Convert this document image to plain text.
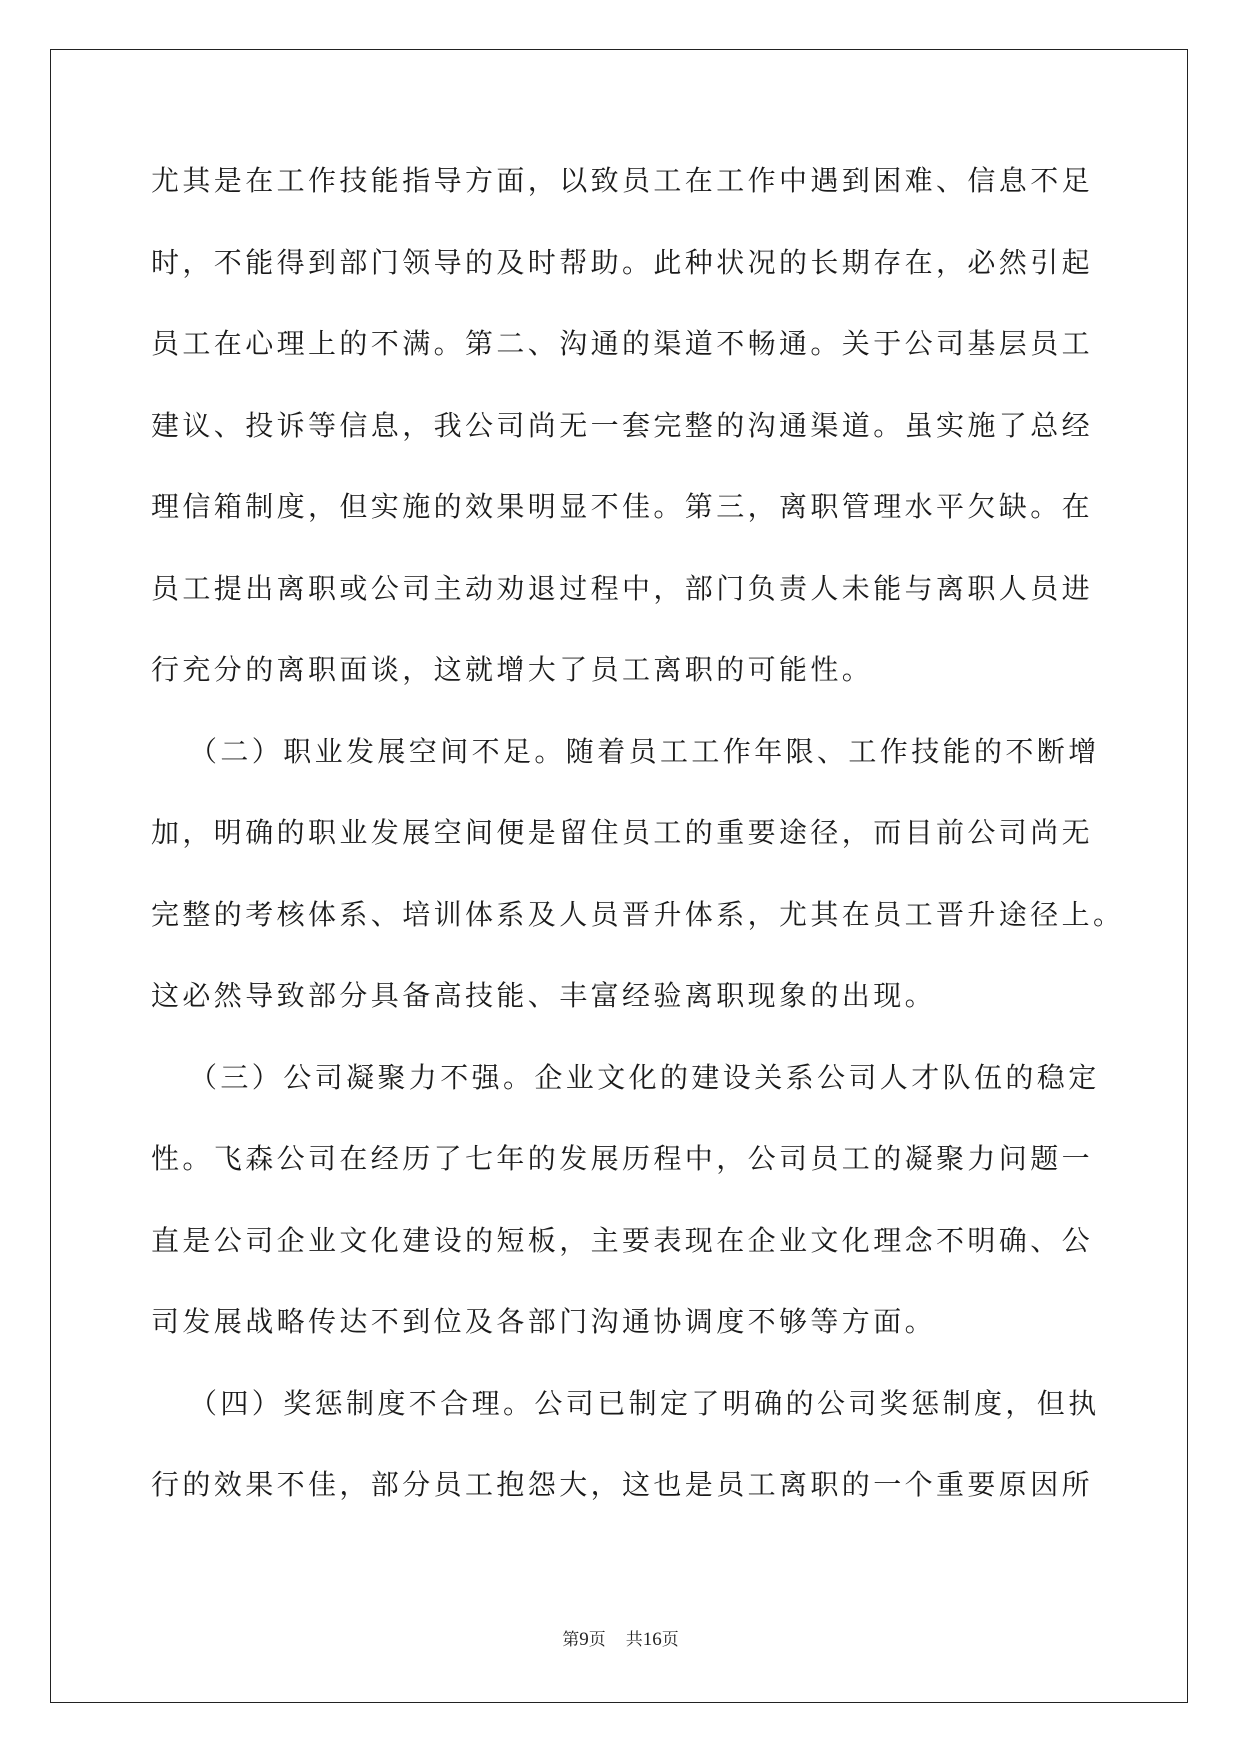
尤其是在工作技能指导方面，以致员工在工作中遇到困难、信息不足
时，不能得到部门领导的及时帮助。此种状况的长期存在，必然引起
员工在心理上的不满。第二、沟通的渠道不畅通。关于公司基层员工
建议、投诉等信息，我公司尚无一套完整的沟通渠道。虽实施了总经
理信箱制度，但实施的效果明显不佳。第三，离职管理水平欠缺。在
员工提出离职或公司主动劝退过程中，部门负责人未能与离职人员进
行充分的离职面谈，这就增大了员工离职的可能性。
（二）职业发展空间不足。随着员工工作年限、工作技能的不断增
加，明确的职业发展空间便是留住员工的重要途径，而目前公司尚无
完整的考核体系、培训体系及人员晋升体系，尤其在员工晋升途径上。
这必然导致部分具备高技能、丰富经验离职现象的出现。
（三）公司凝聚力不强。企业文化的建设关系公司人才队伍的稳定
性。飞森公司在经历了七年的发展历程中，公司员工的凝聚力问题一
直是公司企业文化建设的短板，主要表现在企业文化理念不明确、公
司发展战略传达不到位及各部门沟通协调度不够等方面。
（四）奖惩制度不合理。公司已制定了明确的公司奖惩制度，但执
行的效果不佳，部分员工抱怨大，这也是员工离职的一个重要原因所
第9页 共16页
